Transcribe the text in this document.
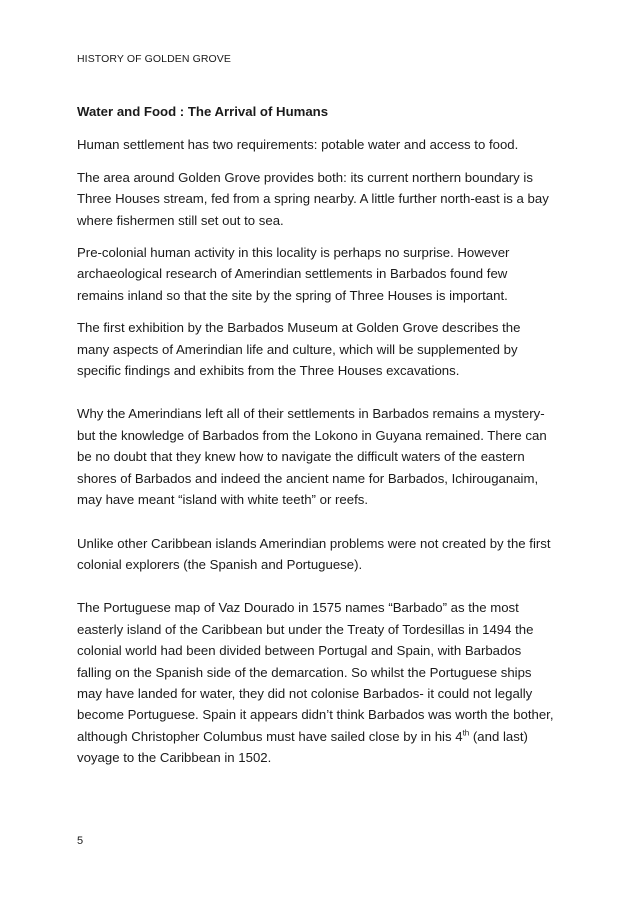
HISTORY OF GOLDEN GROVE

Water and Food : The Arrival of Humans

Human settlement has two requirements: potable water and access to food.

The area around Golden Grove provides both: its current northern boundary is Three Houses stream, fed from a spring nearby. A little further north-east is a bay where fishermen still set out to sea.

Pre-colonial human activity in this locality is perhaps no surprise. However archaeological research of Amerindian settlements in Barbados found few remains inland so that the site by the spring of Three Houses is important.

The first exhibition by the Barbados Museum at Golden Grove describes the many aspects of Amerindian life and culture, which will be supplemented by specific findings and exhibits from the Three Houses excavations.

Why the Amerindians left all of their settlements in Barbados remains a mystery- but the knowledge of Barbados from the Lokono in Guyana remained. There can be no doubt that they knew how to navigate the difficult waters of the eastern shores of Barbados and indeed the ancient name for Barbados, Ichirouganaim, may have meant “island with white teeth” or reefs.

Unlike other Caribbean islands Amerindian problems were not created by the first colonial explorers (the Spanish and Portuguese).

The Portuguese map of Vaz Dourado in 1575 names “Barbado” as the most easterly island of the Caribbean but under the Treaty of Tordesillas in 1494 the colonial world had been divided between Portugal and Spain, with Barbados falling on the Spanish side of the demarcation. So whilst the Portuguese ships may have landed for water, they did not colonise Barbados- it could not legally become Portuguese. Spain it appears didn’t think Barbados was worth the bother, although Christopher Columbus must have sailed close by in his 4th (and last) voyage to the Caribbean in 1502.

5
